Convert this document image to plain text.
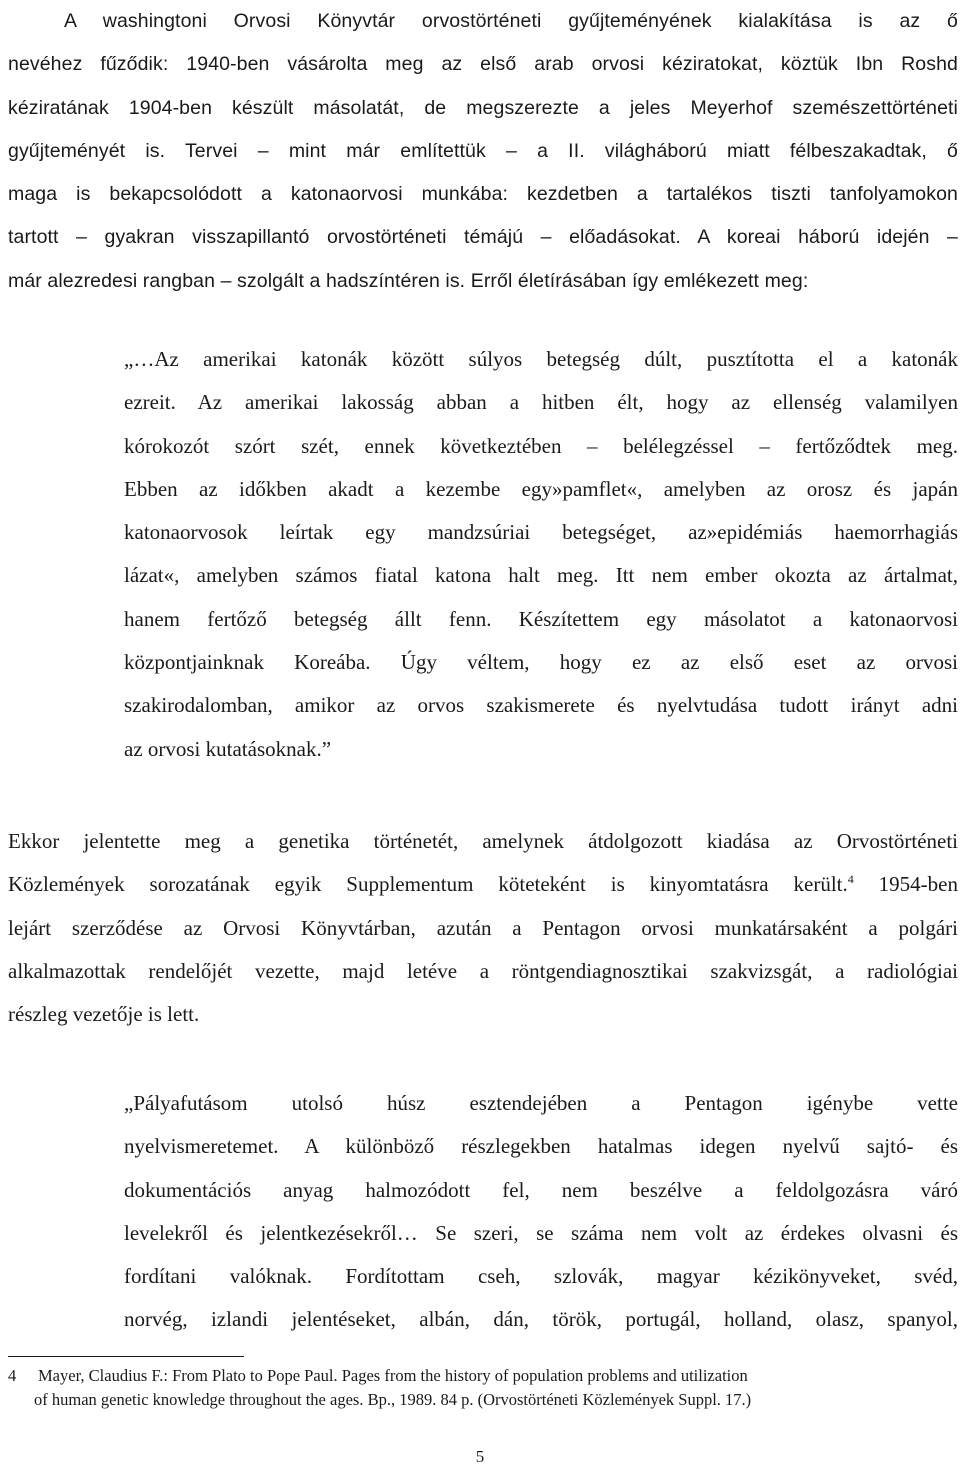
A washingtoni Orvosi Könyvtár orvostörténeti gyűjteményének kialakítása is az ő
nevéhez fűződik: 1940-ben vásárolta meg az első arab orvosi kéziratokat, köztük Ibn Roshd
kéziratának 1904-ben készült másolatát, de megszerezte a jeles Meyerhof szemészettörténeti
gyűjteményét is. Tervei – mint már említettük – a II. világháború miatt félbeszakadtak, ő
maga is bekapcsolódott a katonaorvosi munkába: kezdetben a tartalékos tiszti tanfolyamokon
tartott – gyakran visszapillantó orvostörténeti témájú – előadásokat. A koreai háború idején –
már alezredesi rangban – szolgált a hadszíntéren is. Erről életírásában így emlékezett meg:
„…Az amerikai katonák között súlyos betegség dúlt, pusztította el a katonák
ezreit. Az amerikai lakosság abban a hitben élt, hogy az ellenség valamilyen
kórokozót szórt szét, ennek következtében – belélegzéssel – fertőződtek meg.
Ebben az időkben akadt a kezembe egy»pamflet«, amelyben az orosz és japán
katonaorvosok leírtak egy mandzsúriai betegséget, az»epidémiás haemorrhagiás
lázat«, amelyben számos fiatal katona halt meg. Itt nem ember okozta az ártalmat,
hanem fertőző betegség állt fenn. Készítettem egy másolatot a katonaorvosi
központjainknak Koreába. Úgy véltem, hogy ez az első eset az orvosi
szakirodalomban, amikor az orvos szakismerete és nyelvtudása tudott irányt adni
az orvosi kutatásoknak.”
Ekkor jelentette meg a genetika történetét, amelynek átdolgozott kiadása az Orvostörténeti
Közlemények sorozatának egyik Supplementum köteteként is kinyomtatásra került.$^4$ 1954-ben
lejárt szerződése az Orvosi Könyvtárban, azután a Pentagon orvosi munkatársaként a polgári
alkalmazottak rendelőjét vezette, majd letéve a röntgendiagnosztikai szakvizsgát, a radiológiai
részleg vezetője is lett.
„Pályafutásom utolsó húsz esztendejében a Pentagon igénybe vette
nyelvismeretemet. A különböző részlegekben hatalmas idegen nyelvű sajtó- és
dokumentációs anyag halmozódott fel, nem beszélve a feldolgozásra váró
levelekről és jelentkezésekről… Se szeri, se száma nem volt az érdekes olvasni és
fordítani valóknak. Fordítottam cseh, szlovák, magyar kézikönyveket, svéd,
norvég, izlandi jelentéseket, albán, dán, török, portugál, holland, olasz, spanyol,
4 Mayer, Claudius F.: From Plato to Pope Paul. Pages from the history of population problems and utilization
of human genetic knowledge throughout the ages. Bp., 1989. 84 p. (Orvostörténeti Közlemények Suppl. 17.)
5
